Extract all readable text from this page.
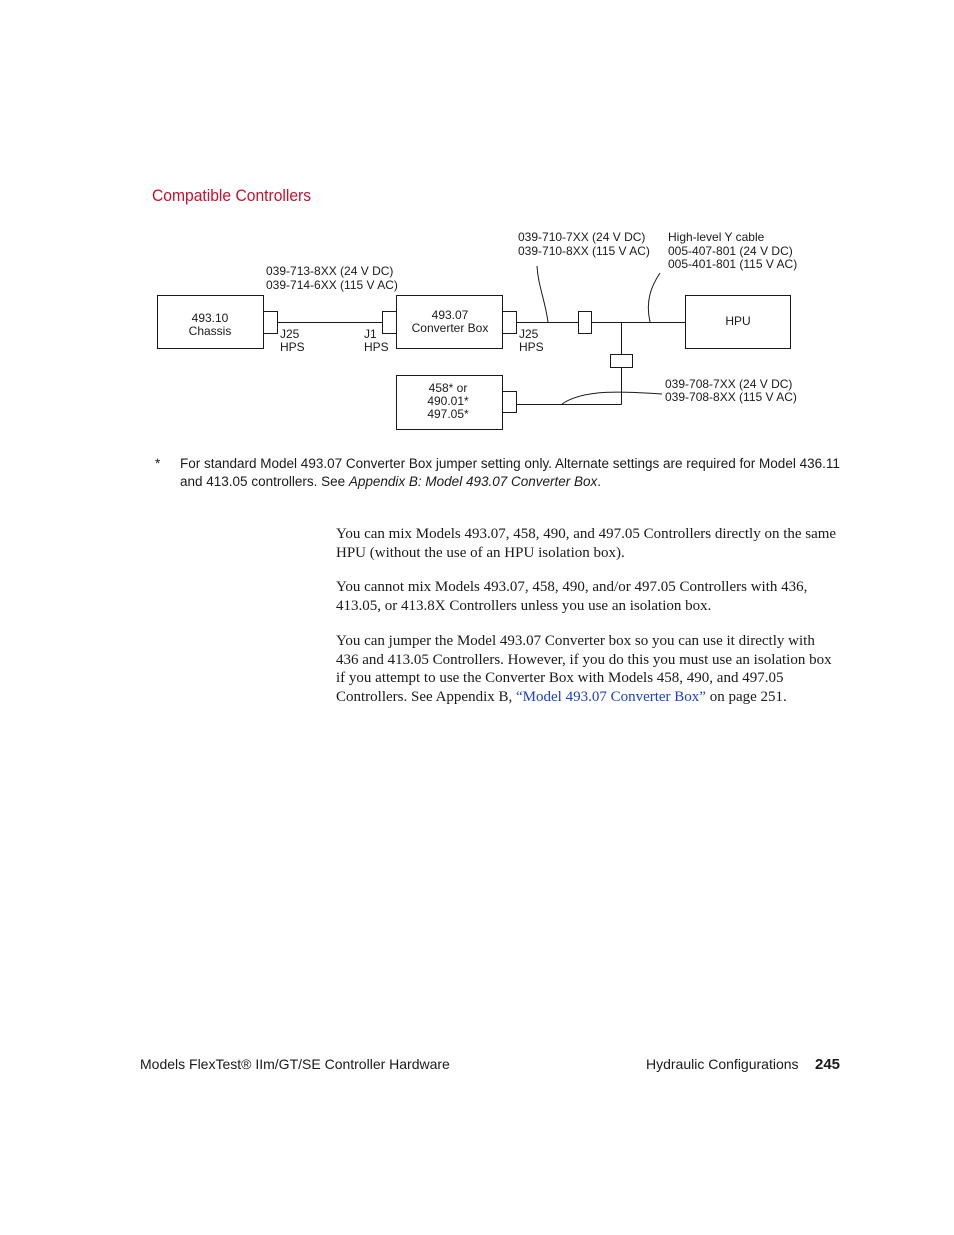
Compatible Controllers
493.10
Chassis
493.07
Converter Box	HPU
458* or
490.01*
497.05*
J25
HPS
J1
HPS
J25
HPS
039-713-8XX (24 V DC)
039-714-6XX (115 V AC)
039-710-7XX (24 V DC)
039-710-8XX (115 V AC)
High-level Y cable
005-407-801 (24 V DC)
005-401-801 (115 V AC)
039-708-7XX (24 V DC)
039-708-8XX (115 V AC)
* For standard Model 493.07 Converter Box jumper setting only. Alternate settings are required for Model 436.11 and 413.05 controllers. See Appendix B: Model 493.07 Converter Box.

You can mix Models 493.07, 458, 490, and 497.05 Controllers directly on the same HPU (without the use of an HPU isolation box).

You cannot mix Models 493.07, 458, 490, and/or 497.05 Controllers with 436, 413.05, or 413.8X Controllers unless you use an isolation box.

You can jumper the Model 493.07 Converter box so you can use it directly with 436 and 413.05 Controllers. However, if you do this you must use an isolation box if you attempt to use the Converter Box with Models 458, 490, and 497.05 Controllers. See Appendix B, “Model 493.07 Converter Box” on page 251.

Models FlexTest® IIm/GT/SE Controller Hardware	Hydraulic Configurations 245
